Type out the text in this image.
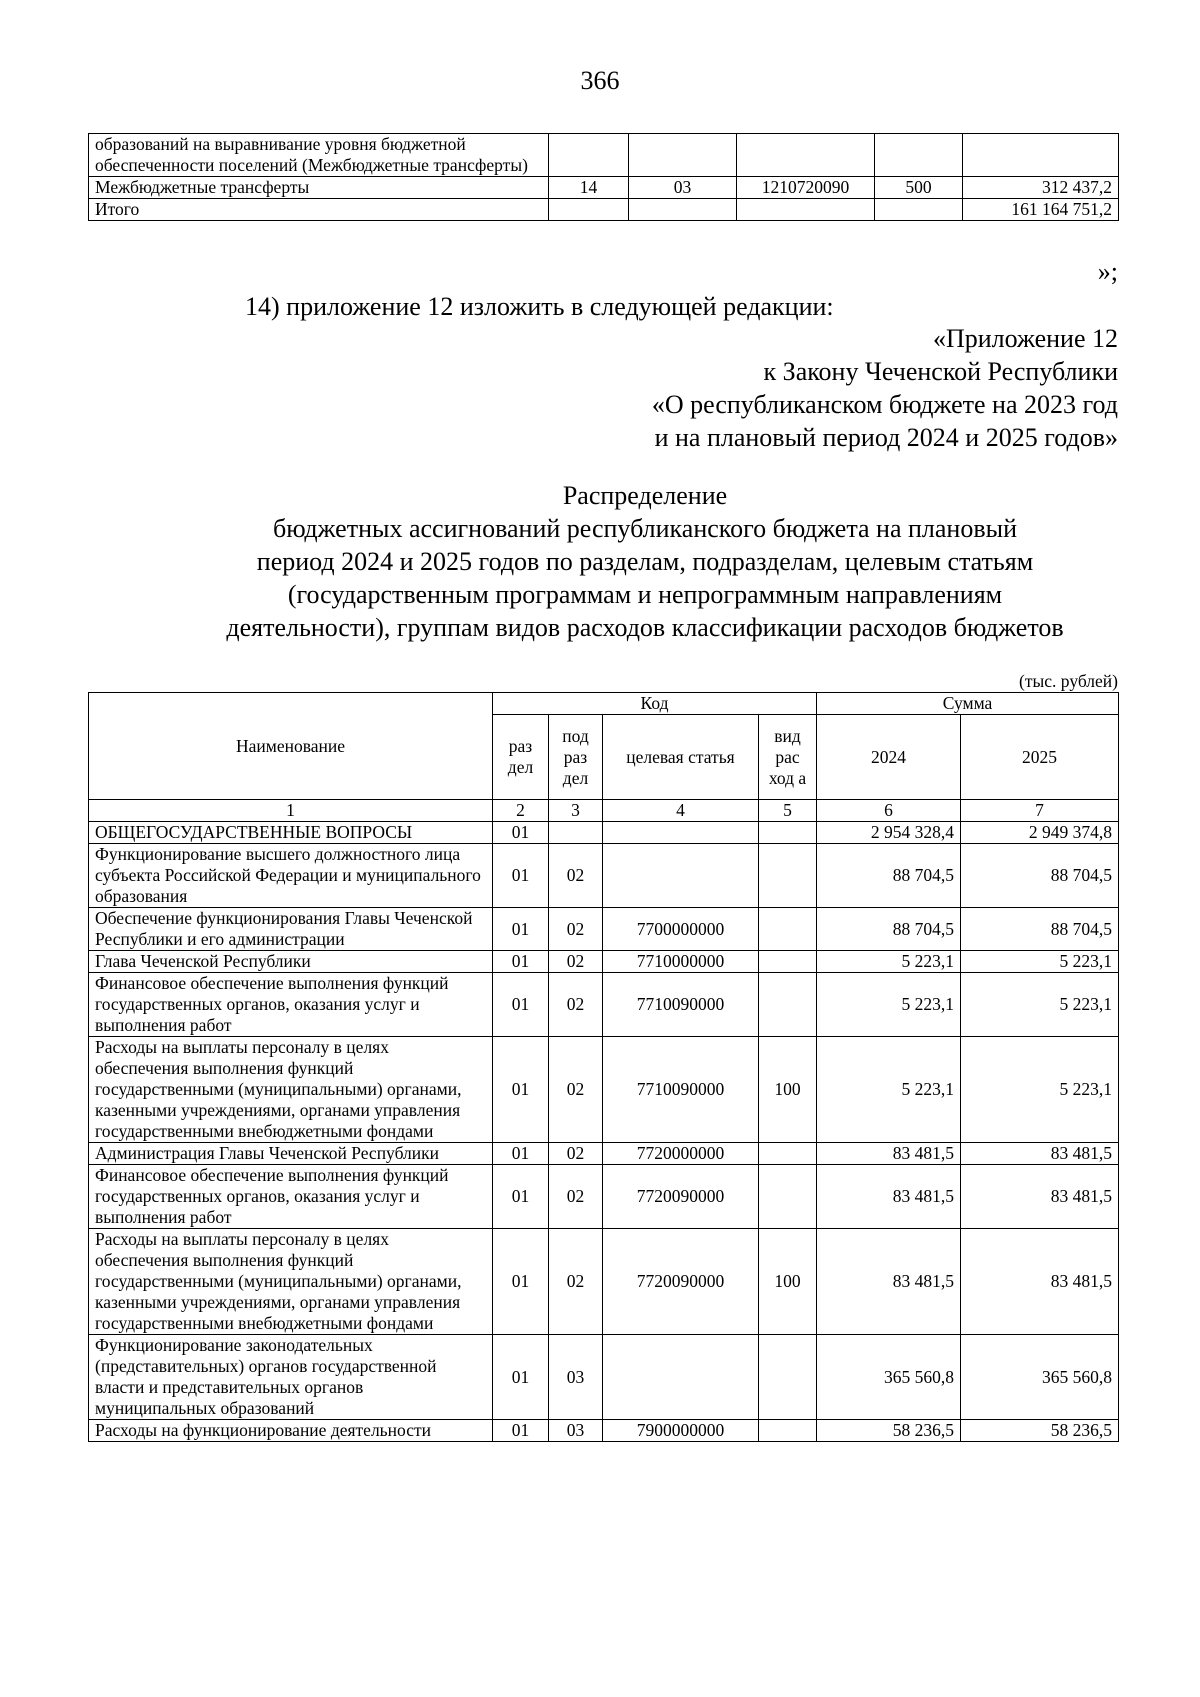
366
образований на выравнивание уровня бюджетной обеспеченности поселений (Межбюджетные трансферты)					
Межбюджетные трансферты	14	03	1210720090	500	312 437,2
Итого					161 164 751,2
»;
14) приложение 12 изложить в следующей редакции:
«Приложение 12
к Закону Чеченской Республики
«О республиканском бюджете на 2023 год
и на плановый период 2024 и 2025 годов»
Распределение
бюджетных ассигнований республиканского бюджета на плановый
период 2024 и 2025 годов по разделам, подразделам, целевым статьям
(государственным программам и непрограммным направлениям
деятельности), группам видов расходов классификации расходов бюджетов
(тыс. рублей)
Наименование	Код				Сумма	
	раз дел	под раз дел	целевая статья	вид рас ход а	2024	2025
1	2	3	4	5	6	7
ОБЩЕГОСУДАРСТВЕННЫЕ ВОПРОСЫ	01				2 954 328,4	2 949 374,8
Функционирование высшего должностного лица субъекта Российской Федерации и муниципального образования	01	02			88 704,5	88 704,5
Обеспечение функционирования Главы Чеченской Республики и его администрации	01	02	7700000000		88 704,5	88 704,5
Глава Чеченской Республики	01	02	7710000000		5 223,1	5 223,1
Финансовое обеспечение выполнения функций государственных органов, оказания услуг и выполнения работ	01	02	7710090000		5 223,1	5 223,1
Расходы на выплаты персоналу в целях обеспечения выполнения функций государственными (муниципальными) органами, казенными учреждениями, органами управления государственными внебюджетными фондами	01	02	7710090000	100	5 223,1	5 223,1
Администрация Главы Чеченской Республики	01	02	7720000000		83 481,5	83 481,5
Финансовое обеспечение выполнения функций государственных органов, оказания услуг и выполнения работ	01	02	7720090000		83 481,5	83 481,5
Расходы на выплаты персоналу в целях обеспечения выполнения функций государственными (муниципальными) органами, казенными учреждениями, органами управления государственными внебюджетными фондами	01	02	7720090000	100	83 481,5	83 481,5
Функционирование законодательных (представительных) органов государственной власти и представительных органов муниципальных образований	01	03			365 560,8	365 560,8
Расходы на функционирование деятельности	01	03	7900000000		58 236,5	58 236,5
